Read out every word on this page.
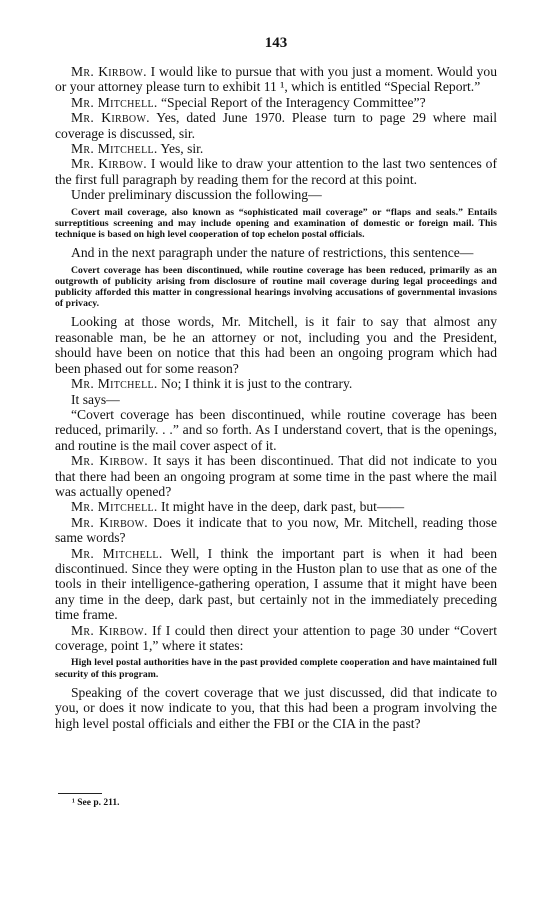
143

Mr. Kirbow. I would like to pursue that with you just a moment. Would you or your attorney please turn to exhibit 11 ¹, which is entitled “Special Report.”

Mr. Mitchell. “Special Report of the Interagency Committee”?

Mr. Kirbow. Yes, dated June 1970. Please turn to page 29 where mail coverage is discussed, sir.

Mr. Mitchell. Yes, sir.

Mr. Kirbow. I would like to draw your attention to the last two sentences of the first full paragraph by reading them for the record at this point.

Under preliminary discussion the following—

Covert mail coverage, also known as “sophisticated mail coverage” or “flaps and seals.” Entails surreptitious screening and may include opening and examination of domestic or foreign mail. This technique is based on high level cooperation of top echelon postal officials.

And in the next paragraph under the nature of restrictions, this sentence—

Covert coverage has been discontinued, while routine coverage has been reduced, primarily as an outgrowth of publicity arising from disclosure of routine mail coverage during legal proceedings and publicity afforded this matter in congressional hearings involving accusations of governmental invasions of privacy.

Looking at those words, Mr. Mitchell, is it fair to say that almost any reasonable man, be he an attorney or not, including you and the President, should have been on notice that this had been an ongoing program which had been phased out for some reason?

Mr. Mitchell. No; I think it is just to the contrary.

It says—

“Covert coverage has been discontinued, while routine coverage has been reduced, primarily. . .” and so forth. As I understand covert, that is the openings, and routine is the mail cover aspect of it.

Mr. Kirbow. It says it has been discontinued. That did not indicate to you that there had been an ongoing program at some time in the past where the mail was actually opened?

Mr. Mitchell. It might have in the deep, dark past, but——

Mr. Kirbow. Does it indicate that to you now, Mr. Mitchell, reading those same words?

Mr. Mitchell. Well, I think the important part is when it had been discontinued. Since they were opting in the Huston plan to use that as one of the tools in their intelligence-gathering operation, I assume that it might have been any time in the deep, dark past, but certainly not in the immediately preceding time frame.

Mr. Kirbow. If I could then direct your attention to page 30 under “Covert coverage, point 1,” where it states:

High level postal authorities have in the past provided complete cooperation and have maintained full security of this program.

Speaking of the covert coverage that we just discussed, did that indicate to you, or does it now indicate to you, that this had been a program involving the high level postal officials and either the FBI or the CIA in the past?

¹ See p. 211.
